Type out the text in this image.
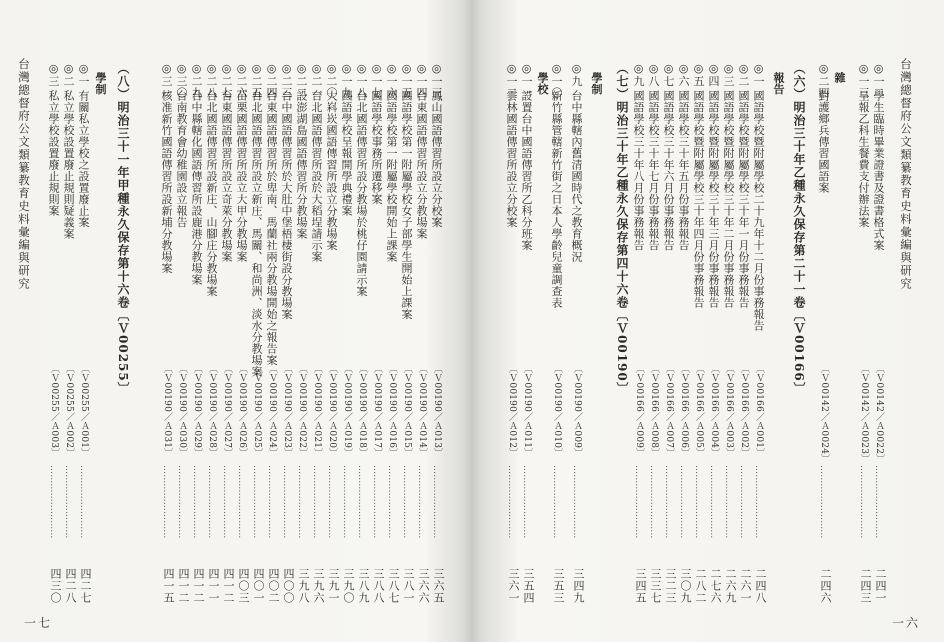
台灣總督府公文類纂教育史料彙編與研究
一六
◎一二
學生臨時畢業證書及證書格式案
〔Ｖ00142／Ａ0022〕
……………………
二四一
◎一三
呈報乙科生餐費支付辦法案
〔Ｖ00142／Ａ0023〕
……………………
二四三
雜
◎二四
對護鄉兵傳習國語案
〔Ｖ00142／Ａ0024〕
……………………
二四六
（六）明治三十年乙種永久保存第二十一卷〔Ｖ00166〕
報告
◎一
國語學校暨附屬學校二十九年十二月份事務報告
〔Ｖ00166／Ａ001〕
……………………
二四八
◎二
國語學校暨附屬學校三十年一月份事務報告
〔Ｖ00166／Ａ002〕
……………………
二六一
◎三
國語學校暨附屬學校三十年二月份事務報告
〔Ｖ00166／Ａ003〕
……………………
二六九
◎四
國語學校暨附屬學校三十年三月份事務報告
〔Ｖ00166／Ａ004〕
……………………
二七六
◎五
國語學校暨附屬學校三十年四月份事務報告
〔Ｖ00166／Ａ005〕
……………………
二八二
◎六
國語學校三十年五月份事務報告
〔Ｖ00166／Ａ006〕
……………………
三〇九
◎七
國語學校三十年六月份事務報告
〔Ｖ00166／Ａ007〕
……………………
三二三
◎八
國語學校三十年七月份事務報告
〔Ｖ00166／Ａ008〕
……………………
三三七
◎九
國語學校三十年八月份事務報告
〔Ｖ00166／Ａ009〕
……………………
三四五
（七）明治三十年乙種永久保存第四十六卷〔Ｖ00190〕
學制
◎九
台中縣轄內舊清國時代之教育概況
〔Ｖ00190／Ａ009〕
……………………
三四九
◎一〇
新竹縣管轄新竹街之日本人學齡兒童調查表
〔Ｖ00190／Ａ010〕
……………………
三五三
學校
◎一一
設置台中國語傳習所乙科分班案
〔Ｖ00190／Ａ011〕
……………………
三五四
◎一二
雲林國語傳習所設立分校案
〔Ｖ00190／Ａ012〕
……………………
三六一
台灣總督府公文類纂教育史料彙編與研究
一七
◎一三
鳳山國語傳習所設立分校案
〔Ｖ00190／Ａ013〕
……………………
三六五
◎一四
台東國語傳習所設立分教場案
〔Ｖ00190／Ａ014〕
……………………
三六六
◎一五
國語學校第一附屬學校女子部學生開始上課案
〔Ｖ00190／Ａ015〕
……………………
三八一
◎一六
國語學校第一附屬學校開始上課案
〔Ｖ00190／Ａ016〕
……………………
三八七
◎一七
國語學校事務所遷移案
〔Ｖ00190／Ａ017〕
……………………
三八八
◎一八
台北國語傳習所設分教場於桃仔園請示案
〔Ｖ00190／Ａ018〕
……………………
三八九
◎一九
國語學校呈報開學典禮案
〔Ｖ00190／Ａ019〕
……………………
三九〇
◎二〇
大嵙崁國語傳習所設立分教場案
〔Ｖ00190／Ａ020〕
……………………
三九一
◎二一
台北國語傳習所設於大稻埕請示案
〔Ｖ00190／Ａ021〕
……………………
三九六
◎二二
設澎湖島國語傳習所分教場案
〔Ｖ00190／Ａ022〕
……………………
三九八
◎二三
台中國語傳習所於大肚中堡梧棲街設分教場案
〔Ｖ00190／Ａ023〕
……………………
四〇〇
◎二四
台東國語傳習所於卑南、馬蘭社兩分教場開始之報告案
〔Ｖ00190／Ａ024〕
……………………
四〇二
◎二五
台北國語傳習所設立新庄、馬關、和尚洲、淡水分教場案
〔Ｖ00190／Ａ025〕
……………………
四〇一
◎二六
苗栗國語傳習所設立大甲分教場案
〔Ｖ00190／Ａ026〕
……………………
四〇三
◎二七
台東國語傳習所設立奇萊分教場案
〔Ｖ00190／Ａ027〕
……………………
四一二
◎二八
台北國語傳習所設新庄、山腳庄分教場案
〔Ｖ00190／Ａ028〕
……………………
四一一
◎二九
台中縣轄化國語傳習所設鹿港分教場案
〔Ｖ00190／Ａ029〕
……………………
四一二
◎三〇
台南教育會幼稚園設立報告
〔Ｖ00190／Ａ030〕
……………………
四一二
◎三一
核准新竹國語傳習所設新埔分教場案
〔Ｖ00190／Ａ031〕
……………………
四一五
（八）明治三十一年甲種永久保存第十六卷〔Ｖ00255〕
學制
◎一
有關私立學校之設置廢止案
〔Ｖ00255／Ａ001〕
……………………
四二七
◎二
私立學校設置廢止規則疑義案
〔Ｖ00255／Ａ002〕
……………………
四二八
◎三
私立學校設置廢止規則案
〔Ｖ00255／Ａ003〕
……………………
四三〇
